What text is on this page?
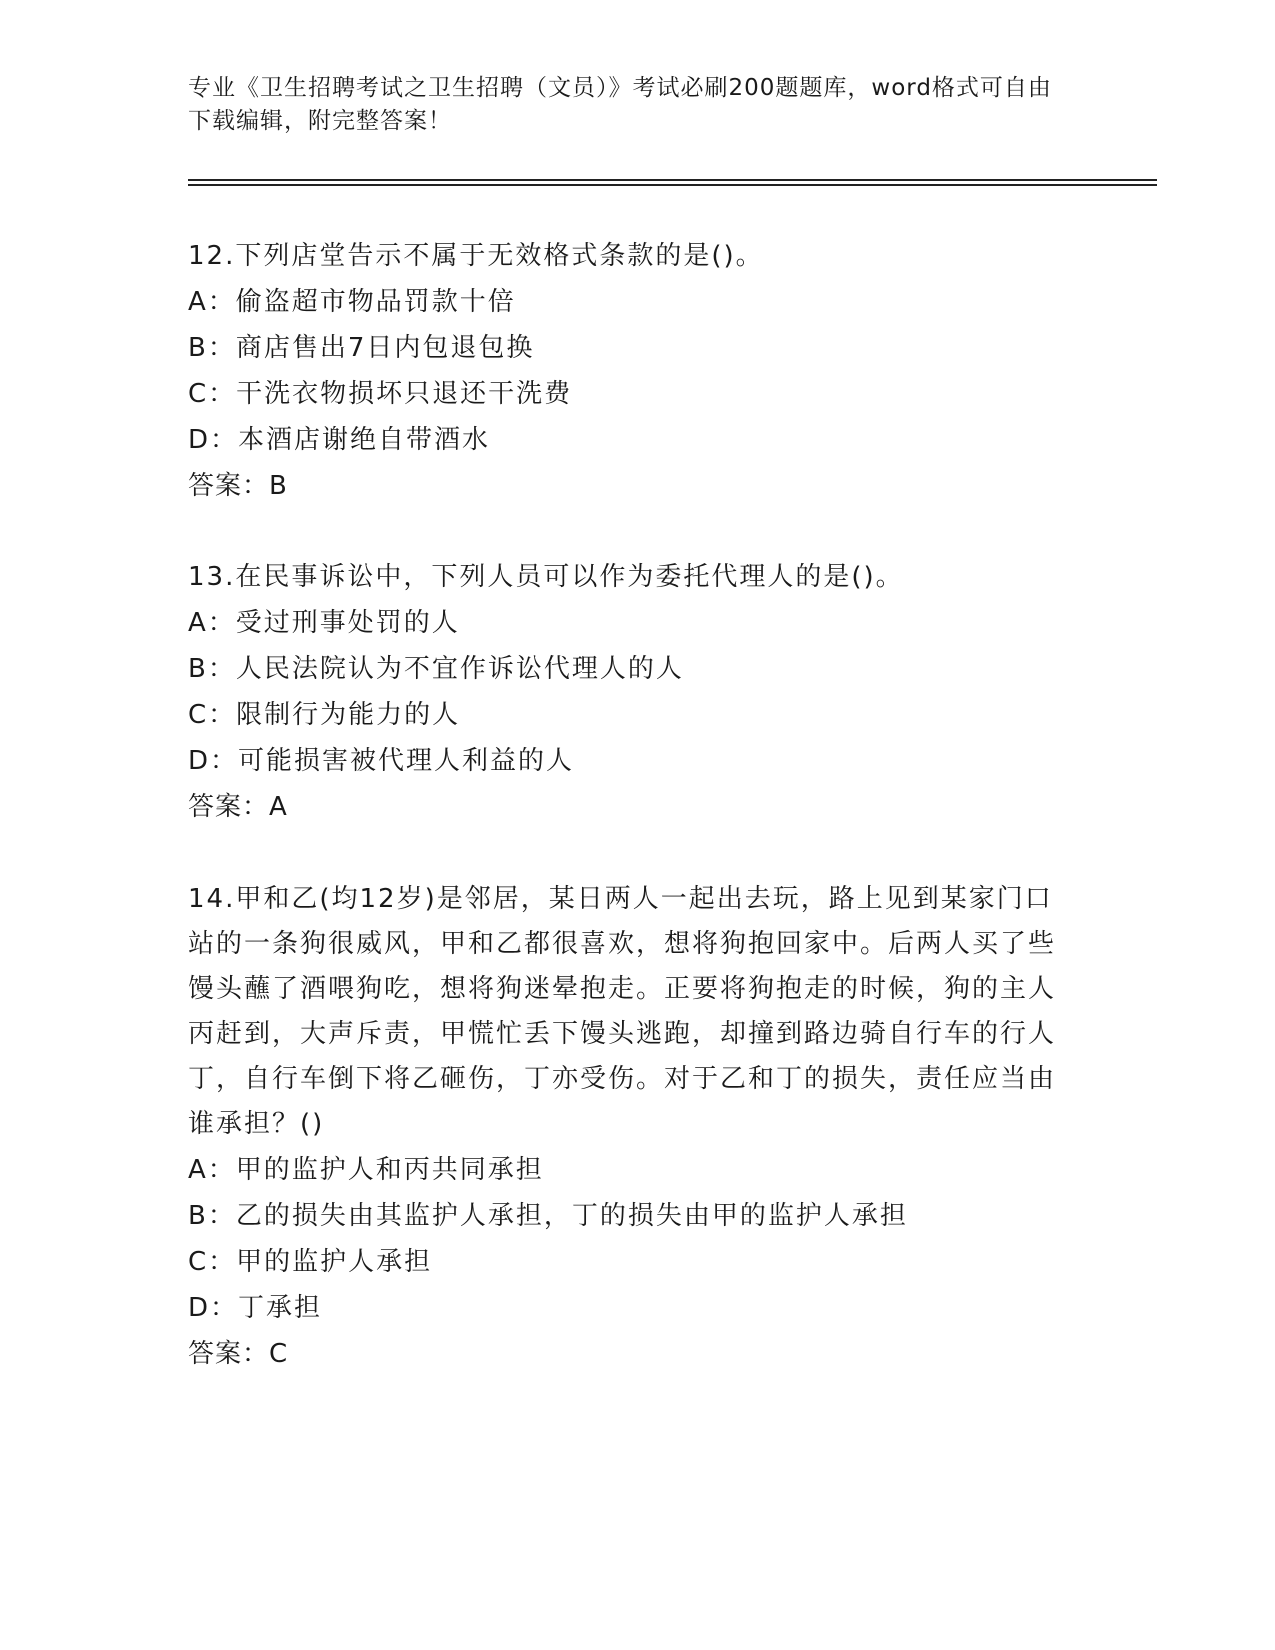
专业《卫生招聘考试之卫生招聘（文员）》考试必刷200题题库，word格式可自由下载编辑，附完整答案！

12.下列店堂告示不属于无效格式条款的是()。

A：偷盗超市物品罚款十倍

B：商店售出7日内包退包换

C：干洗衣物损坏只退还干洗费

D：本酒店谢绝自带酒水

答案：B

13.在民事诉讼中，下列人员可以作为委托代理人的是()。

A：受过刑事处罚的人

B：人民法院认为不宜作诉讼代理人的人

C：限制行为能力的人

D：可能损害被代理人利益的人

答案：A

14.甲和乙(均12岁)是邻居，某日两人一起出去玩，路上见到某家门口站的一条狗很威风，甲和乙都很喜欢，想将狗抱回家中。后两人买了些馒头蘸了酒喂狗吃，想将狗迷晕抱走。正要将狗抱走的时候，狗的主人丙赶到，大声斥责，甲慌忙丢下馒头逃跑，却撞到路边骑自行车的行人丁，自行车倒下将乙砸伤，丁亦受伤。对于乙和丁的损失，责任应当由谁承担？()

A：甲的监护人和丙共同承担

B：乙的损失由其监护人承担，丁的损失由甲的监护人承担

C：甲的监护人承担

D：丁承担

答案：C
